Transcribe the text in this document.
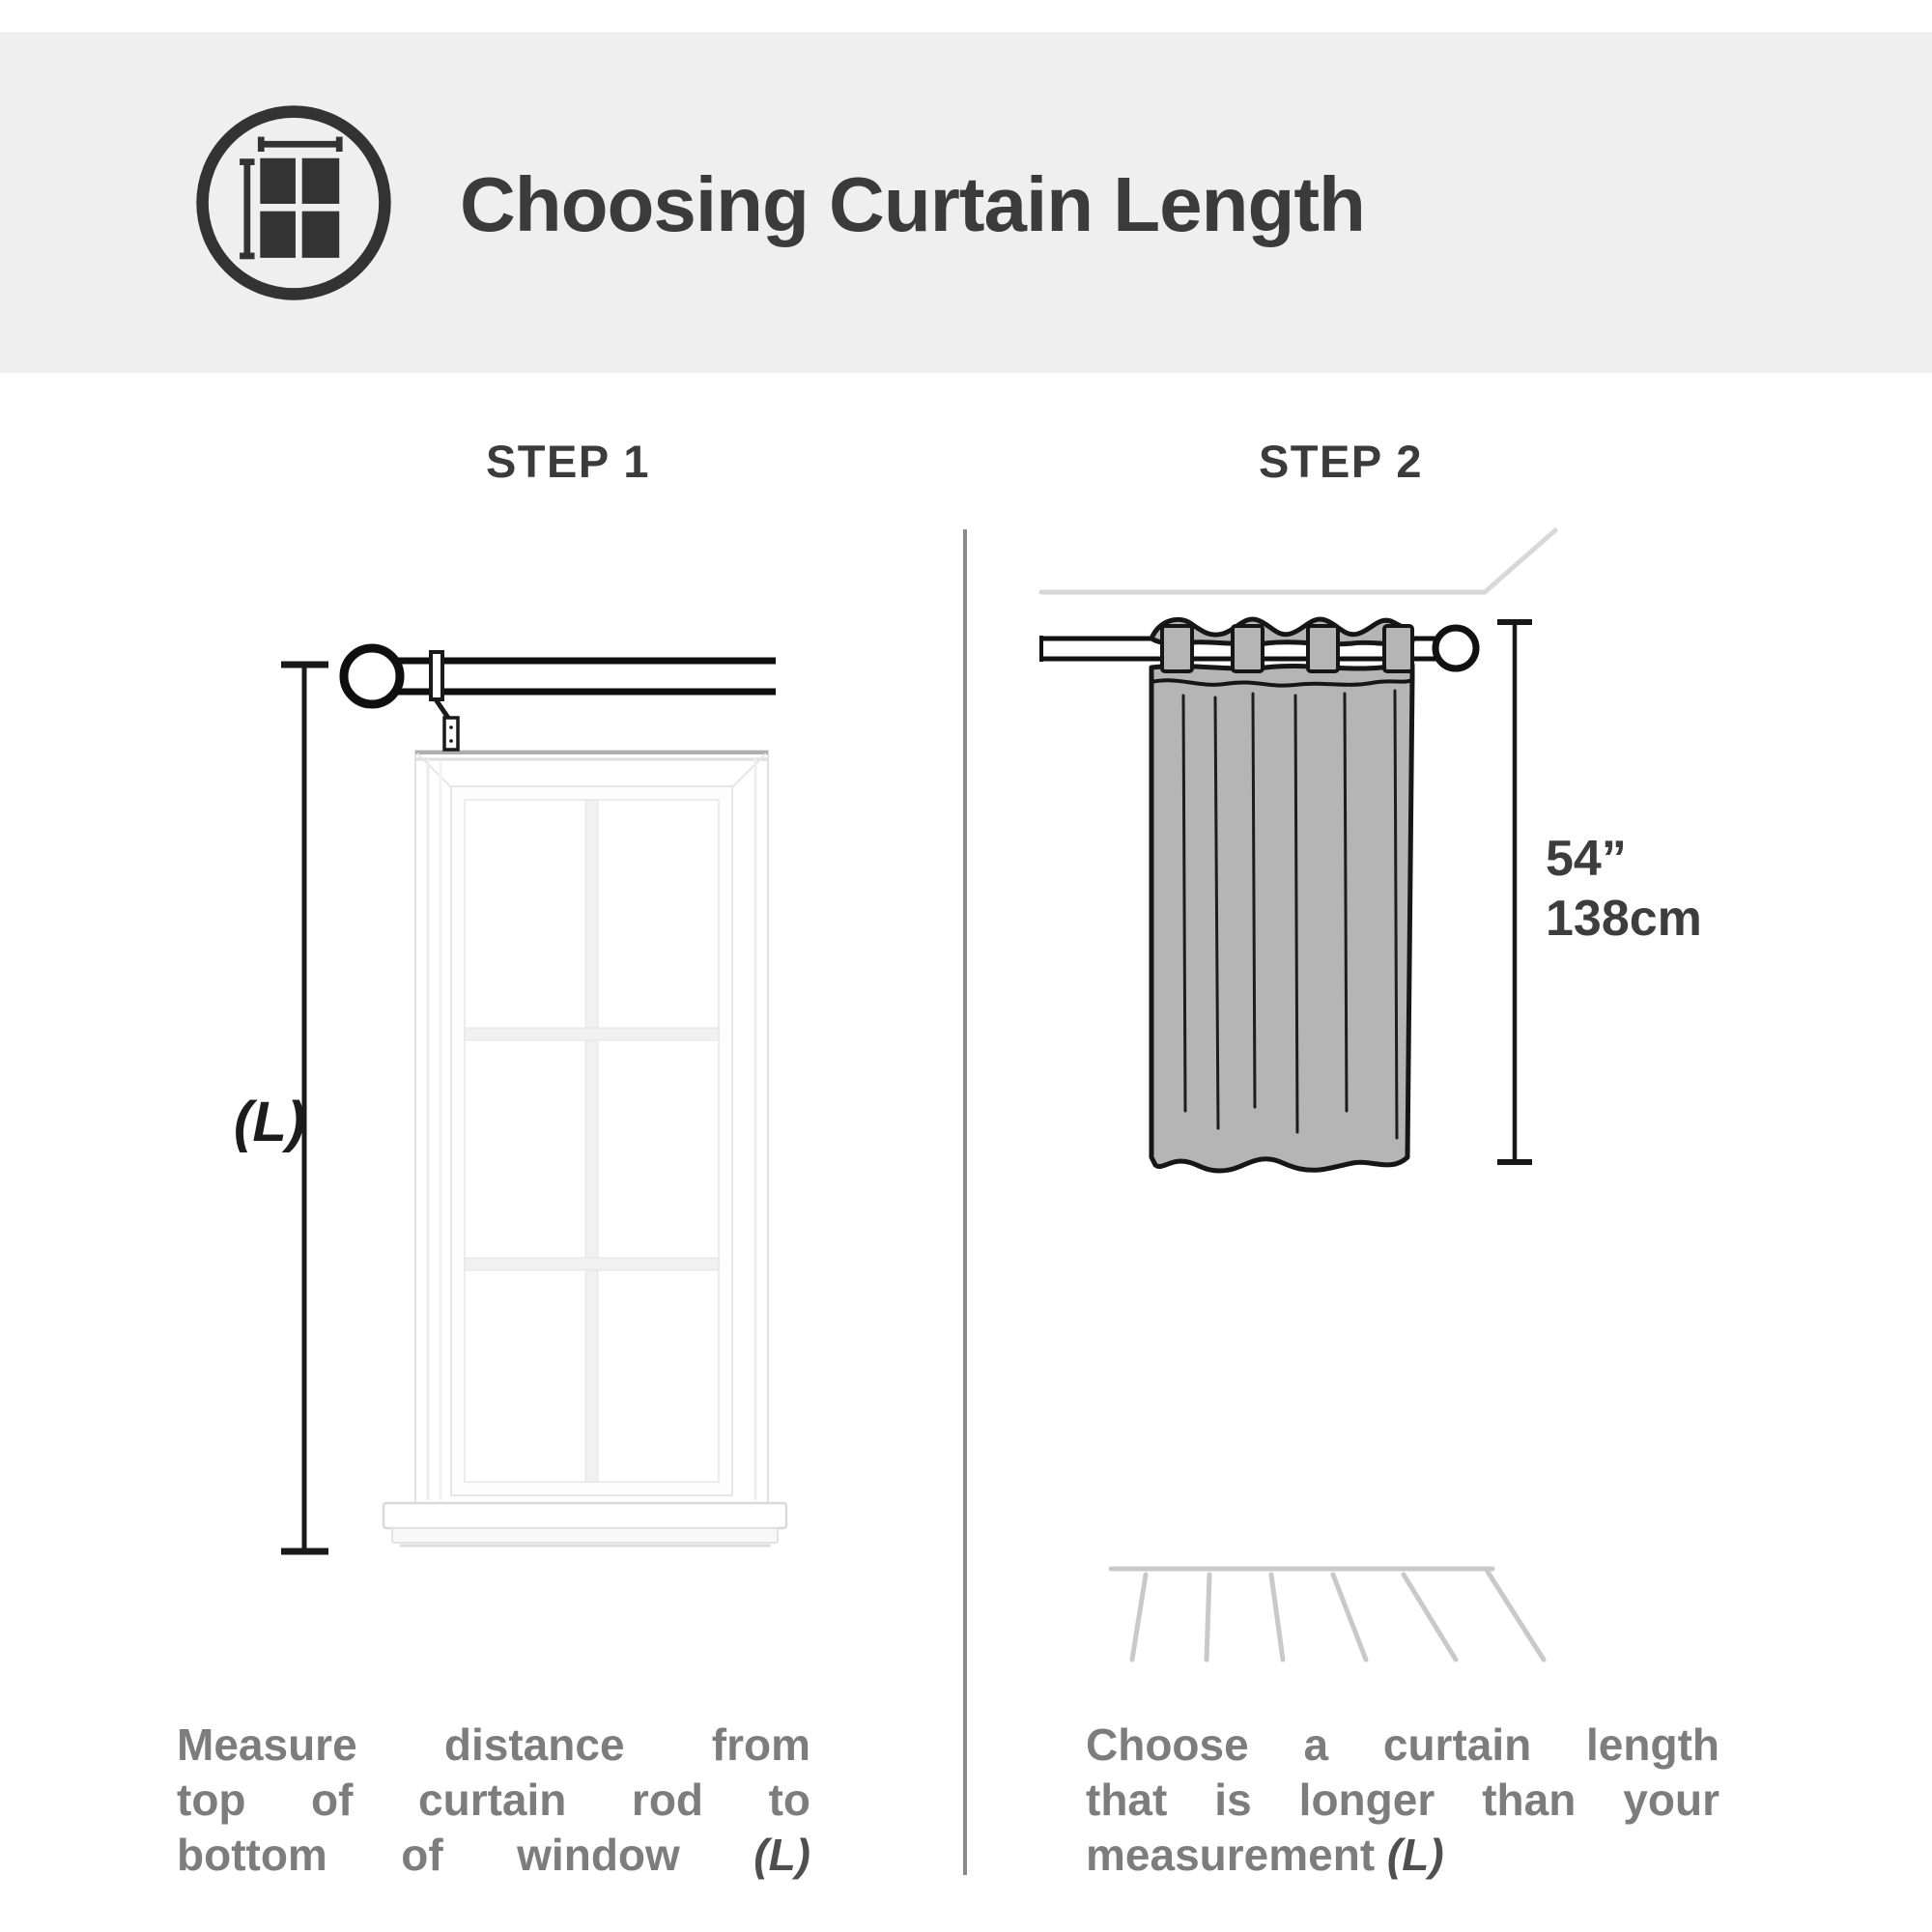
Choosing Curtain Length
STEP 1	STEP 2
(L)
54”
138cm
Measure distance from
top of curtain rod to
bottom of window (L)
Choose a curtain length
that is longer than your
measurement (L)
